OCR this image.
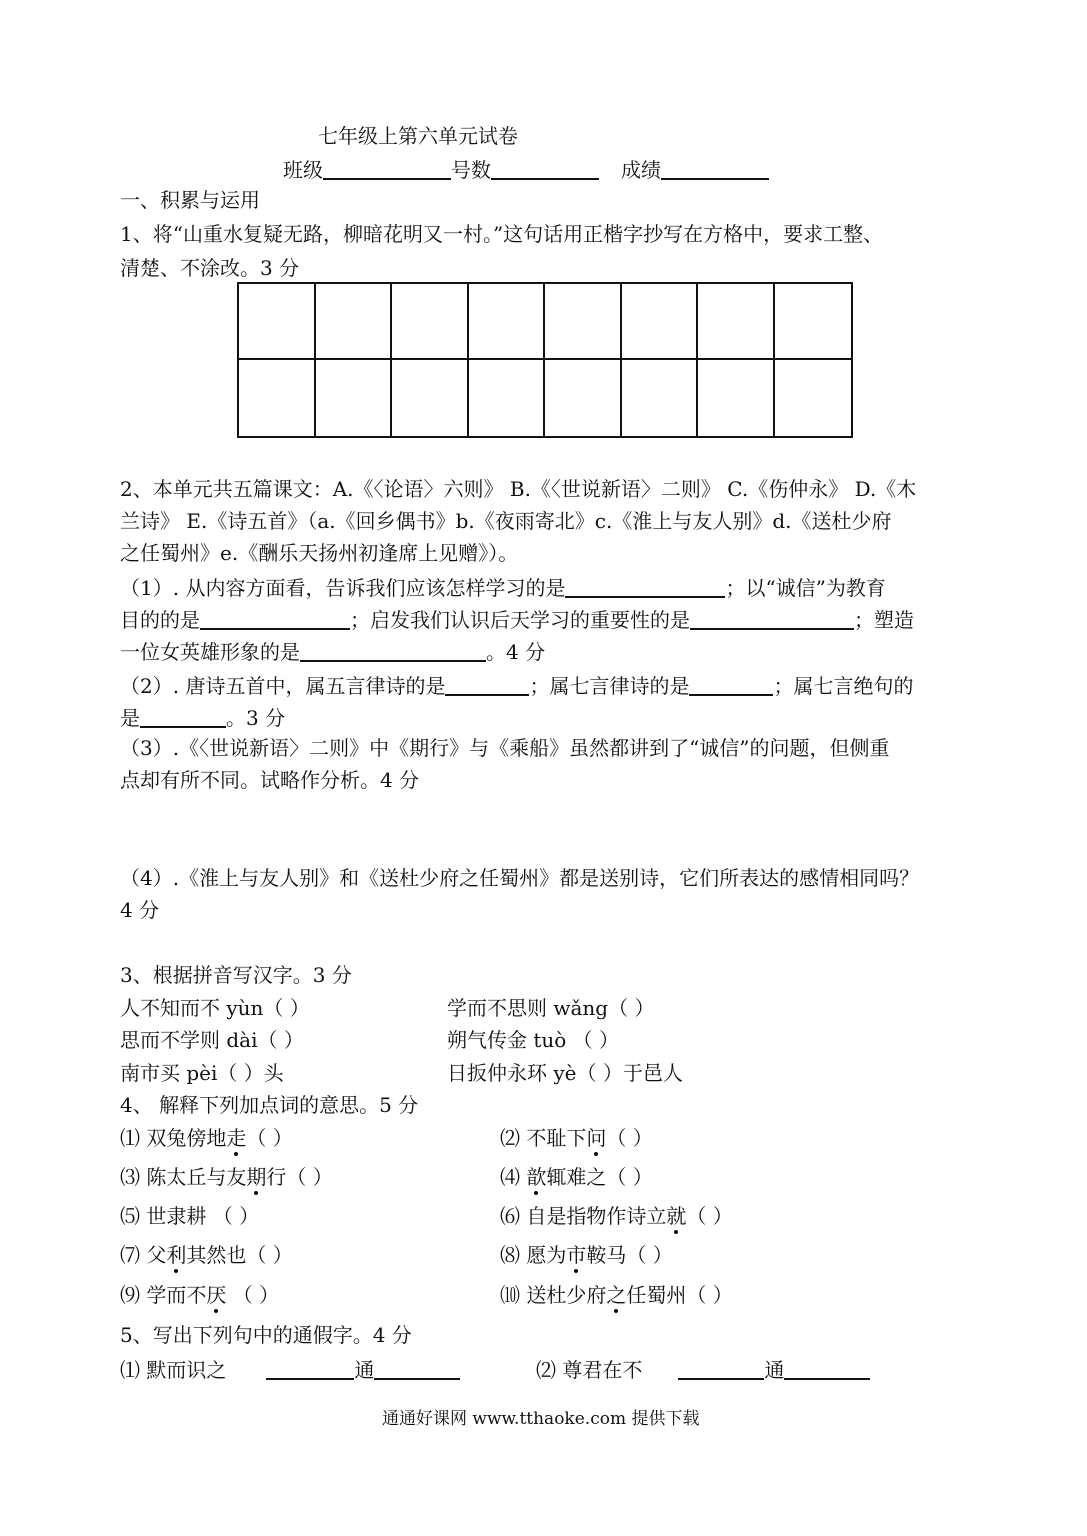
七年级上第六单元试卷
班级	号数	成绩
一、积累与运用
1、将“山重水复疑无路，柳暗花明又一村。”这句话用正楷字抄写在方格中，要求工整、
清楚、不涂改。3 分
2、本单元共五篇课文：A.《〈论语〉六则》 B.《〈世说新语〉二则》 C.《伤仲永》 D.《木
兰诗》 E.《诗五首》（a.《回乡偶书》b.《夜雨寄北》c.《淮上与友人别》d.《送杜少府
之任蜀州》e.《酬乐天扬州初逢席上见赠》）。
（1）. 从内容方面看，告诉我们应该怎样学习的是	；以“诚信”为教育
目的的是	；启发我们认识后天学习的重要性的是	；塑造
一位女英雄形象的是	。4 分
（2）. 唐诗五首中，属五言律诗的是	；属七言律诗的是	；属七言绝句的
是	。3 分
（3）.《〈世说新语〉二则》中《期行》与《乘船》虽然都讲到了“诚信”的问题，但侧重
点却有所不同。试略作分析。4 分
（4）.《淮上与友人别》和《送杜少府之任蜀州》都是送别诗，它们所表达的感情相同吗？
4 分
3、根据拼音写汉字。3 分
人不知而不 yùn（ ）	学而不思则 wǎng（ ）
思而不学则 dài（ ）	朔气传金 tuò （ ）
南市买 pèi（ ）头	日扳仲永环 yè（ ）于邑人
4、 解释下列加点词的意思。5 分
⑴ 双兔傍地走（ ）	⑵ 不耻下问（ ）
⑶ 陈太丘与友期行（ ）	⑷ 歆辄难之（ ）
⑸ 世隶耕 （ ）	⑹ 自是指物作诗立就（ ）
⑺ 父利其然也（ ）	⑻ 愿为市鞍马（ ）
⑼ 学而不厌 （ ）	⑽ 送杜少府之任蜀州（ ）
5、写出下列句中的通假字。4 分
⑴ 默而识之	通	⑵ 尊君在不	通
通通好课网 www.tthaoke.com 提供下载
